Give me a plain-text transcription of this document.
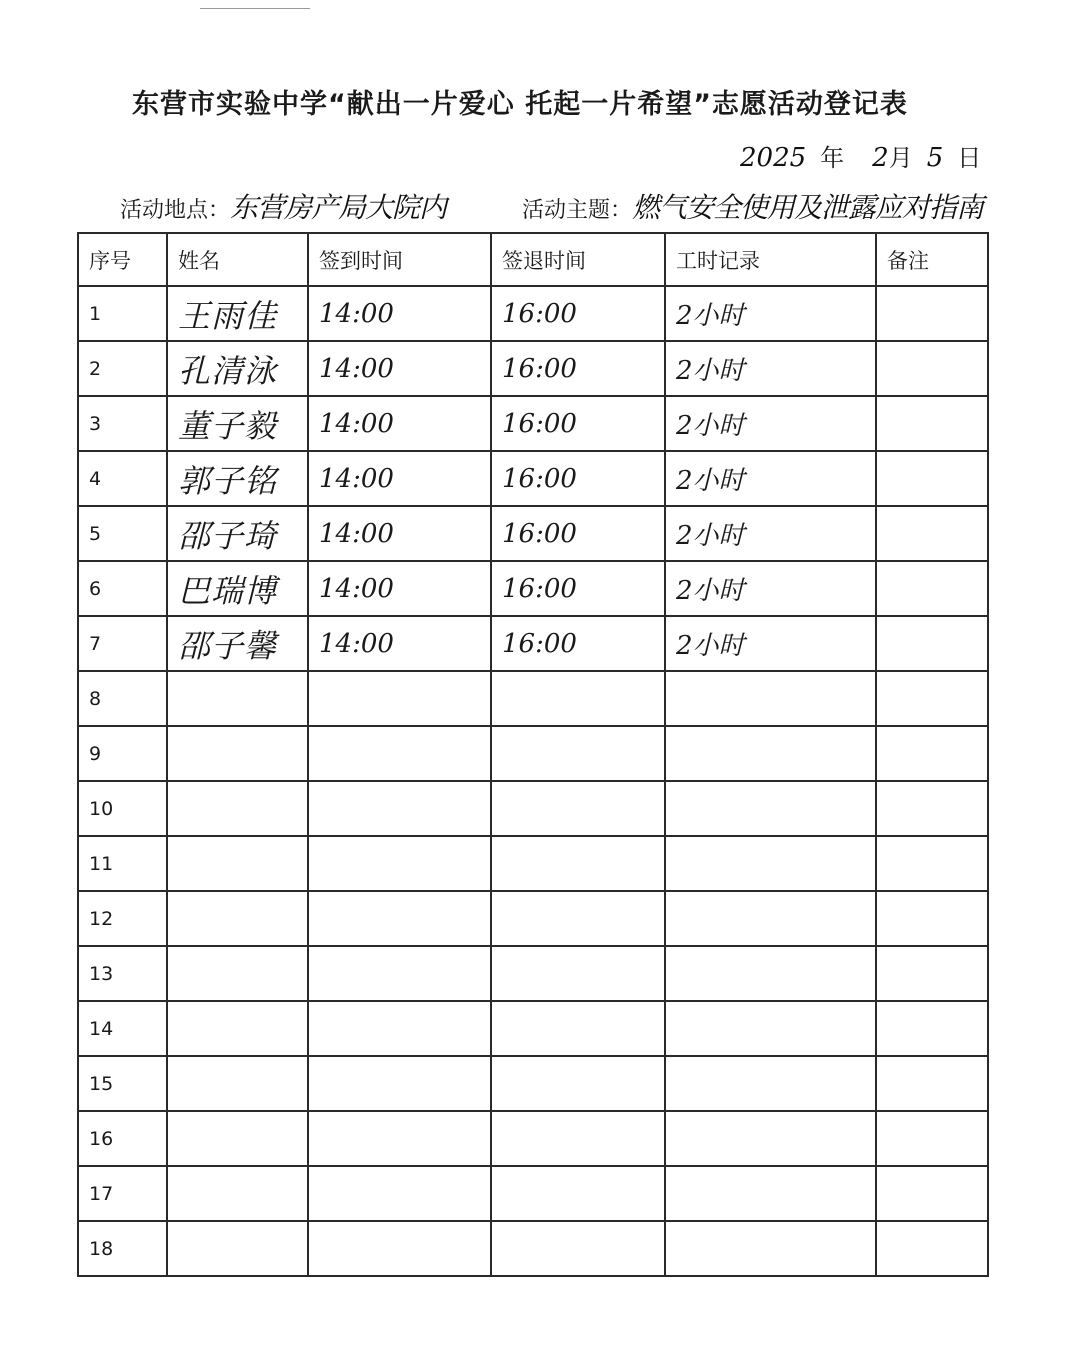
东营市实验中学“献出一片爱心 托起一片希望”志愿活动登记表
2025 年 2 月 5 日
活动地点： 东营房产局大院内	活动主题： 燃气安全使用及泄露应对指南
序号	姓名	签到时间	签退时间	工时记录	备注
1	王雨佳	14:00	16:00	2小时	
2	孔清泳	14:00	16:00	2小时	
3	董子毅	14:00	16:00	2小时	
4	郭子铭	14:00	16:00	2小时	
5	邵子琦	14:00	16:00	2小时	
6	巴瑞博	14:00	16:00	2小时	
7	邵子馨	14:00	16:00	2小时	
8					
9					
10					
11					
12					
13					
14					
15					
16					
17					
18					
